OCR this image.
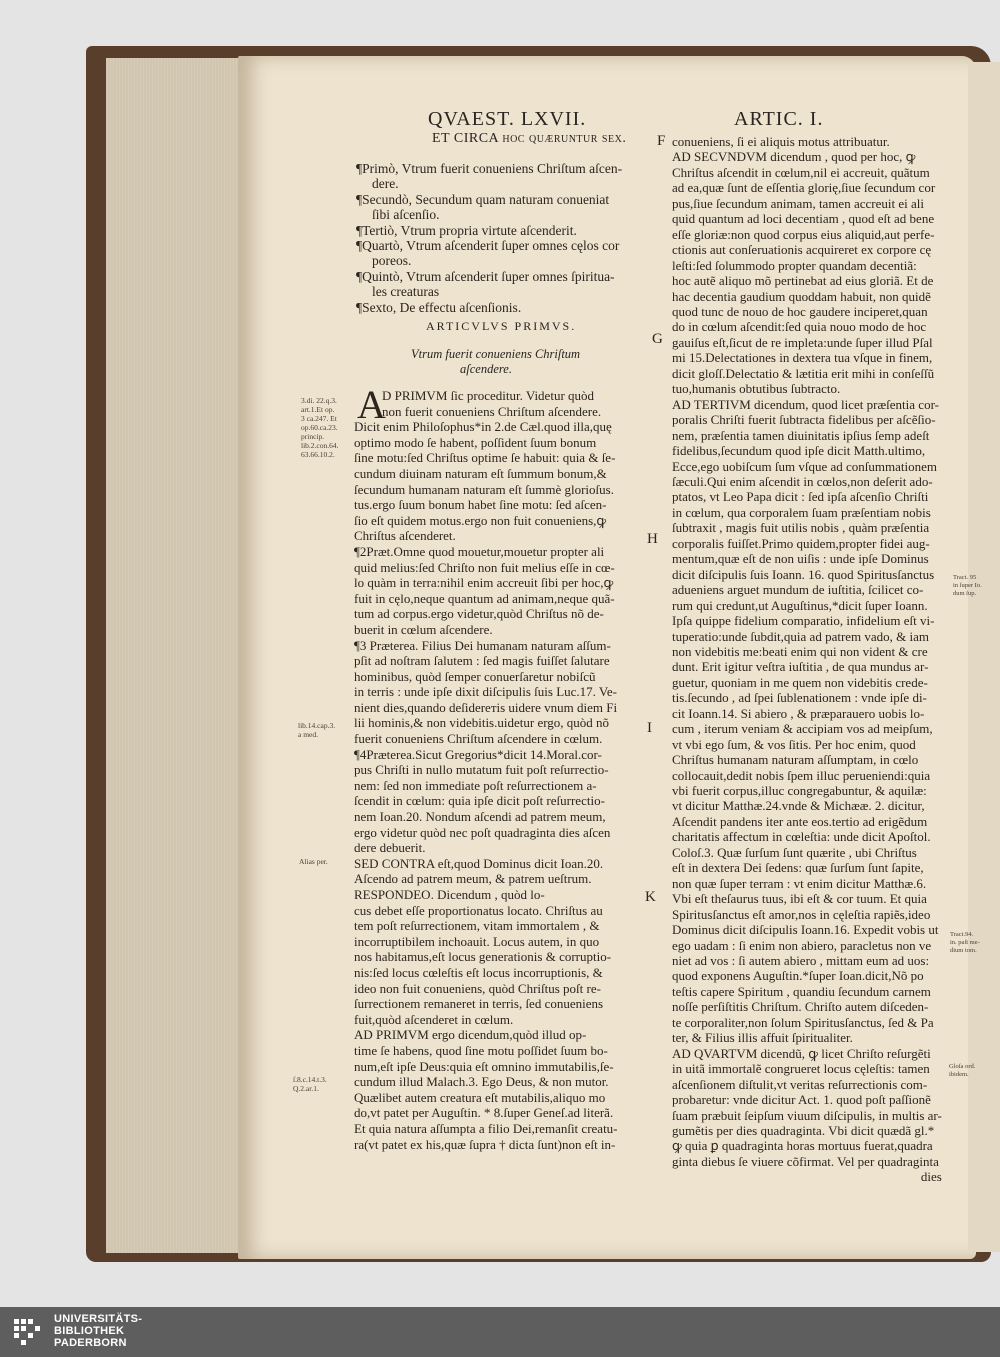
QVAEST. LXVII.	ARTIC. I.
ET CIRCA hoc quæruntur ſex.

¶Primò, Vtrum fuerit conueniens Chriſtum aſcen-

dere.

¶Secundò, Secundum quam naturam conueniat

ſibi aſcenſio.

¶Tertiò, Vtrum propria virtute aſcenderit.

¶Quartò, Vtrum aſcenderit ſuper omnes cęlos cor

poreos.

¶Quintò, Vtrum aſcenderit ſuper omnes ſpiritua-

les creaturas

¶Sexto, De effectu aſcenſionis.

ARTICVLVS PRIMVS.
Vtrum fuerit conueniens Chriſtum
aſcendere.
A

D PRIMVM ſic proceditur. Videtur quòd

non fuerit conueniens Chriſtum aſcendere.

Dicit enim Philoſophus*in 2.de Cæl.quod illa,quę

optimo modo ſe habent, poſſident ſuum bonum

ſine motu:ſed Chriſtus optime ſe habuit: quia & ſe-

cundum diuinam naturam eſt ſummum bonum,&

ſecundum humanam naturam eſt ſummè glorioſus.

tus.ergo ſuum bonum habet ſine motu: ſed aſcen-

ſio eſt quidem motus.ergo non fuit conueniens,ꝙ

Chriſtus aſcenderet.

¶2Præt.Omne quod mouetur,mouetur propter ali

quid melius:ſed Chriſto non fuit melius eſſe in cœ-

lo quàm in terra:nihil enim accreuit ſibi per hoc,ꝙ

fuit in cęlo,neque quantum ad animam,neque quã-

tum ad corpus.ergo videtur,quòd Chriſtus nõ de-

buerit in cœlum aſcendere.

¶3 Præterea. Filius Dei humanam naturam aſſum-

pſit ad noſtram ſalutem : ſed magis fuiſſet ſalutare

hominibus, quòd ſemper conuerſaretur nobiſcũ

in terris : unde ipſe dixit diſcipulis ſuis Luc.17. Ve-

nient dies,quando deſiderетis uidere vnum diem Fi

lii hominis,& non videbitis.uidetur ergo, quòd nõ

fuerit conueniens Chriſtum aſcendere in cœlum.

¶4Præterea.Sicut Gregorius*dicit 14.Moral.cor-

pus Chriſti in nullo mutatum fuit poſt reſurrectio-

nem: ſed non immediate poſt reſurrectionem a-

ſcendit in cœlum: quia ipſe dicit poſt reſurrectio-

nem Ioan.20. Nondum aſcendi ad patrem meum,

ergo videtur quòd nec poſt quadraginta dies aſcen

dere debuerit.

SED CONTRA eſt,quod Dominus dicit Ioan.20.

Aſcendo ad patrem meum, & patrem ueſtrum.

RESPONDEO. Dicendum , quòd lo-

cus debet eſſe proportionatus locato. Chriſtus au

tem poſt reſurrectionem, vitam immortalem , &

incorruptibilem inchoauit. Locus autem, in quo

nos habitamus,eſt locus generationis & corruptio-

nis:ſed locus cœleſtis eſt locus incorruptionis, &

ideo non fuit conueniens, quòd Chriſtus poſt re-

ſurrectionem remaneret in terris, ſed conueniens

fuit,quòd aſcenderet in cœlum.

AD PRIMVM ergo dicendum,quòd illud op-

time ſe habens, quod ſine motu poſſidet ſuum bo-

num,eſt ipſe Deus:quia eſt omnino immutabilis,ſe-

cundum illud Malach.3. Ego Deus, & non mutor.

Quælibet autem creatura eſt mutabilis,aliquo mo

do,vt patet per Auguſtin. * 8.ſuper Geneſ.ad literã.

Et quia natura aſſumpta a filio Dei,remanſit creatu-

ra(vt patet ex his,quæ ſupra † dicta ſunt)non eſt in-

conueniens, ſi ei aliquis motus attribuatur.

AD SECVNDVM dicendum , quod per hoc, ꝙ

Chriſtus aſcendit in cœlum,nil ei accreuit, quãtum

ad ea,quæ ſunt de eſſentia glorię,ſiue ſecundum cor

pus,ſiue ſecundum animam, tamen accreuit ei ali

quid quantum ad loci decentiam , quod eſt ad bene

eſſe gloriæ:non quod corpus eius aliquid,aut perfe-

ctionis aut conſeruationis acquireret ex corpore cę

leſti:ſed ſolummodo propter quandam decentiã:

hoc autẽ aliquo mõ pertinebat ad eius gloriã. Et de

hac decentia gaudium quoddam habuit, non quidẽ

quod tunc de nouo de hoc gaudere inciperet,quan

do in cœlum aſcendit:ſed quia nouo modo de hoc

gauiſus eſt,ſicut de re impleta:unde ſuper illud Pſal

mi 15.Delectationes in dextera tua vſque in finem,

dicit gloſſ.Delectatio & lætitia erit mihi in conſeſſũ

tuo,humanis obtutibus ſubtracto.

AD TERTIVM dicendum, quod licet præſentia cor-

poralis Chriſti fuerit ſubtracta fidelibus per aſcẽſio-

nem, præſentia tamen diuinitatis ipſius ſemp adeſt

fidelibus,ſecundum quod ipſe dicit Matth.ultimo,

Ecce,ego uobiſcum ſum vſque ad conſummationem

ſæculi.Qui enim aſcendit in cœlos,non deſerit ado-

ptatos, vt Leo Papa dicit : ſed ipſa aſcenſio Chriſti

in cœlum, qua corporalem ſuam præſentiam nobis

ſubtraxit , magis fuit utilis nobis , quàm præſentia

corporalis fuiſſet.Primo quidem,propter fidei aug-

mentum,quæ eſt de non uiſis : unde ipſe Dominus

dicit diſcipulis ſuis Ioann. 16. quod Spiritusſanctus

adueniens arguet mundum de iuſtitia, ſcilicet co-

rum qui credunt,ut Auguſtinus,*dicit ſuper Ioann.

Ipſa quippe fidelium comparatio, infidelium eſt vi-

tuperatio:unde ſubdit,quia ad patrem vado, & iam

non videbitis me:beati enim qui non vident & cre

dunt. Erit igitur veſtra iuſtitia , de qua mundus ar-

guetur, quoniam in me quem non videbitis crede-

tis.ſecundo , ad ſpei ſublenationem : vnde ipſe di-

cit Ioann.14. Si abiero , & præparauero uobis lo-

cum , iterum veniam & accipiam vos ad meipſum,

vt vbi ego ſum, & vos ſitis. Per hoc enim, quod

Chriſtus humanam naturam aſſumptam, in cœlo

collocauit,dedit nobis ſpem illuc perueniendi:quia

vbi fuerit corpus,illuc congregabuntur, & aquilæ:

vt dicitur Matthæ.24.vnde & Michææ. 2. dicitur,

Aſcendit pandens iter ante eos.tertio ad erigẽdum

charitatis affectum in cœleſtia: unde dicit Apoſtol.

Coloſ.3. Quæ ſurſum ſunt quærite , ubi Chriſtus

eſt in dextera Dei ſedens: quæ ſurſum ſunt ſapite,

non quæ ſuper terram : vt enim dicitur Matthæ.6.

Vbi eſt theſaurus tuus, ibi eſt & cor tuum. Et quia

Spiritusſanctus eſt amor,nos in cęleſtia rapiẽs,ideo

Dominus dicit diſcipulis Ioann.16. Expedit vobis ut

ego uadam : ſi enim non abiero, paraclеtus non ve

niet ad vos : ſi autem abiero , mittam eum ad uos:

quod exponens Auguſtin.*ſuper Ioan.dicit,Nõ po

teſtis capere Spiritum , quandiu ſecundum carnem

noſſe perſiſtitis Chriſtum. Chriſto autem diſceden-

te corporaliter,non ſolum Spiritusſanctus, ſed & Pa

ter, & Filius illis affuit ſpiritualiter.

AD QVARTVM dicendũ, ꝙ licet Chriſto reſurgẽti

in uitã immortalẽ congrueret locus cęleſtis: tamen

aſcenſionem diſtulit,vt veritas reſurrectionis com-

probaretur: vnde dicitur Act. 1. quod poſt paſſionẽ

ſuam præbuit ſeipſum viuum diſcipulis, in multis ar-

gumẽtis per dies quadraginta. Vbi dicit quædã gl.*

ꝙ quia ꝑ quadraginta horas mortuus fuerat,quadra

ginta diebus ſe viuere cõfirmat. Vel per quadraginta

dies

F
G
H
I
K

3.di. 22.q.3.

art.1.Et op.

3 ca.247. Et

op.60.ca.23.

princip.

lib.2.con.64.

63.66.10.2.

lib.14.cap.3.

a med.

Alias per.

ſ.8.c.14.t.3.

Q.2.ar.1.

Tract. 95

in ſuper Io.

dum ſup.

Tract.94.

in. paſt me-

dium tom.

Gloſa ord.

ibidem.

UNIVERSITÄTS-
BIBLIOTHEK
PADERBORN
